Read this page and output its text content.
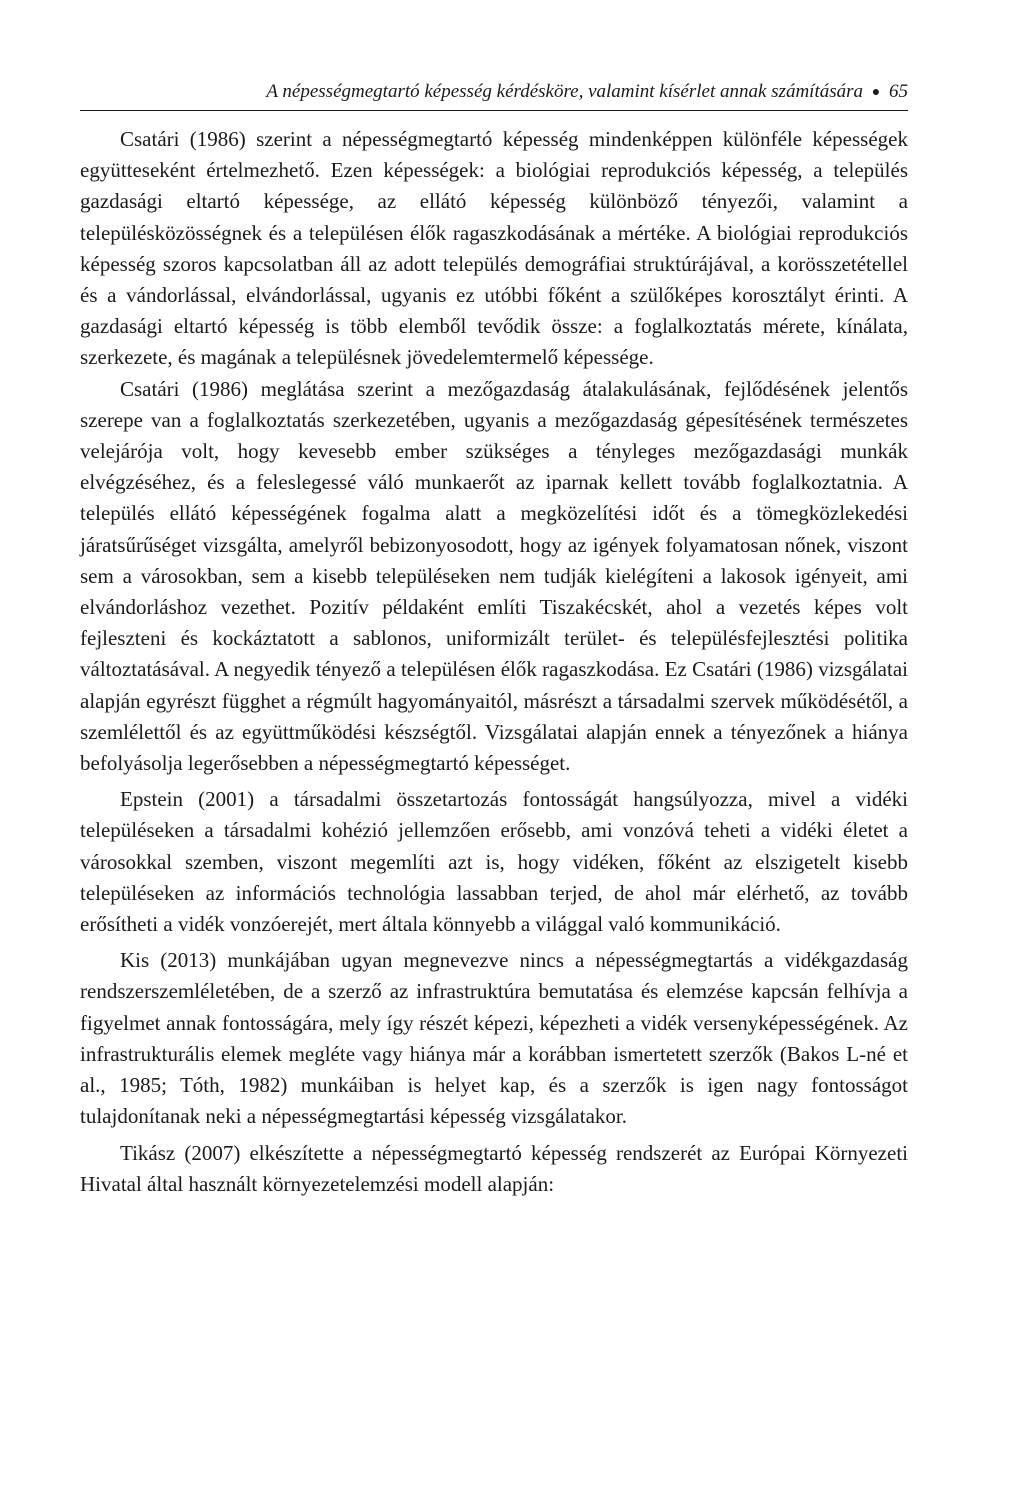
A népességmegtartó képesség kérdésköre, valamint kísérlet annak számítására ● 65

Csatári (1986) szerint a népességmegtartó képesség mindenképpen különféle képességek együtteseként értelmezhető. Ezen képességek: a biológiai reprodukciós képesség, a település gazdasági eltartó képessége, az ellátó képesség különböző tényezői, valamint a településközösségnek és a településen élők ragaszkodásának a mértéke. A biológiai reprodukciós képesség szoros kapcsolatban áll az adott település demográfiai struktúrájával, a korösszetétellel és a vándorlással, elvándorlással, ugyanis ez utóbbi főként a szülőképes korosztályt érinti. A gazdasági eltartó képesség is több elemből tevődik össze: a foglalkoztatás mérete, kínálata, szerkezete, és magának a településnek jövedelemtermelő képessége.

Csatári (1986) meglátása szerint a mezőgazdaság átalakulásának, fejlődésének jelentős szerepe van a foglalkoztatás szerkezetében, ugyanis a mezőgazdaság gépesítésének természetes velejárója volt, hogy kevesebb ember szükséges a tényleges mezőgazdasági munkák elvégzéséhez, és a feleslegessé váló munkaerőt az iparnak kellett tovább foglalkoztatnia. A település ellátó képességének fogalma alatt a megközelítési időt és a tömegközlekedési járatsűrűséget vizsgálta, amelyről bebizonyosodott, hogy az igények folyamatosan nőnek, viszont sem a városokban, sem a kisebb településeken nem tudják kielégíteni a lakosok igényeit, ami elvándorláshoz vezethet. Pozitív példaként említi Tiszakécskét, ahol a vezetés képes volt fejleszteni és kockáztatott a sablonos, uniformizált terület- és településfejlesztési politika változtatásával. A negyedik tényező a településen élők ragaszkodása. Ez Csatári (1986) vizsgálatai alapján egyrészt függhet a régmúlt hagyományaitól, másrészt a társadalmi szervek működésétől, a szemlélettől és az együttműködési készségtől. Vizsgálatai alapján ennek a tényezőnek a hiánya befolyásolja legerősebben a népességmegtartó képességet.

Epstein (2001) a társadalmi összetartozás fontosságát hangsúlyozza, mivel a vidéki településeken a társadalmi kohézió jellemzően erősebb, ami vonzóvá teheti a vidéki életet a városokkal szemben, viszont megemlíti azt is, hogy vidéken, főként az elszigetelt kisebb településeken az információs technológia lassabban terjed, de ahol már elérhető, az tovább erősítheti a vidék vonzóerejét, mert általa könnyebb a világgal való kommunikáció.

Kis (2013) munkájában ugyan megnevezve nincs a népességmegtartás a vidékgazdaság rendszerszemléletében, de a szerző az infrastruktúra bemutatása és elemzése kapcsán felhívja a figyelmet annak fontosságára, mely így részét képezi, képezheti a vidék versenyképességének. Az infrastrukturális elemek megléte vagy hiánya már a korábban ismertetett szerzők (Bakos L-né et al., 1985; Tóth, 1982) munkáiban is helyet kap, és a szerzők is igen nagy fontosságot tulajdonítanak neki a népességmegtartási képesség vizsgálatakor.

Tikász (2007) elkészítette a népességmegtartó képesség rendszerét az Európai Környezeti Hivatal által használt környezetelemzési modell alapján:
